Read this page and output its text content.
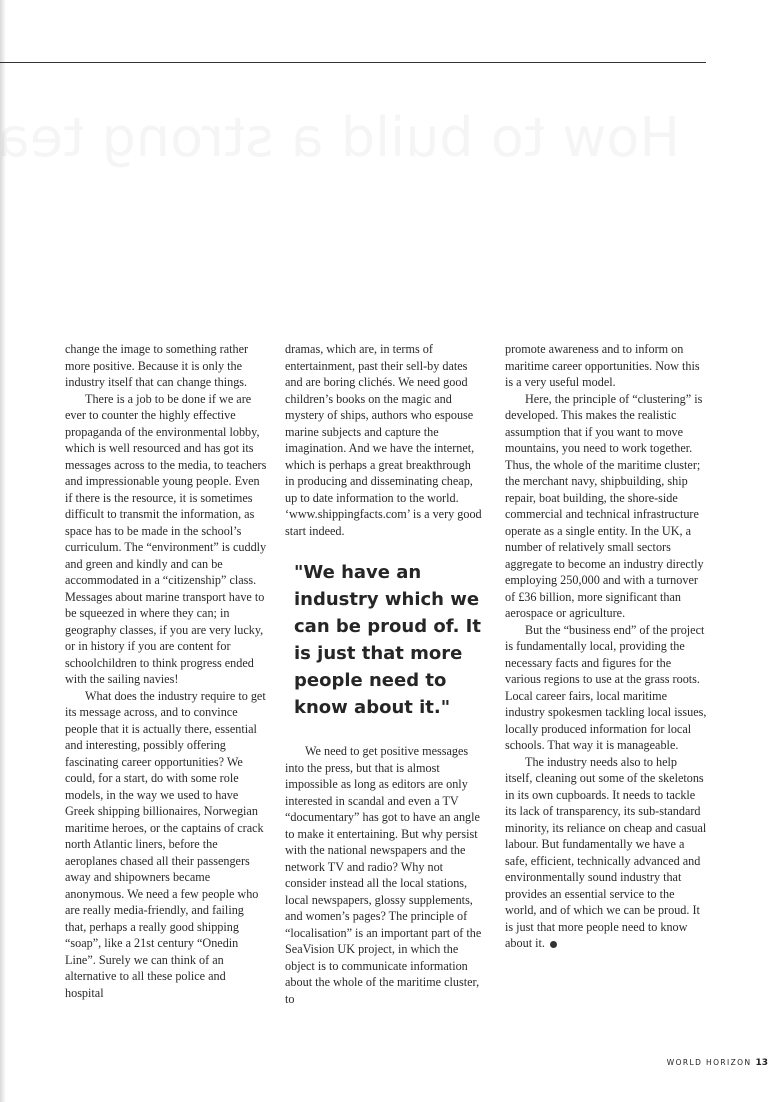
change the image to something rather more positive. Because it is only the industry itself that can change things.

There is a job to be done if we are ever to counter the highly effective propaganda of the environmental lobby, which is well resourced and has got its messages across to the media, to teachers and impressionable young people. Even if there is the resource, it is sometimes difficult to transmit the information, as space has to be made in the school’s curriculum. The “environment” is cuddly and green and kindly and can be accommodated in a “citizenship” class. Messages about marine transport have to be squeezed in where they can; in geography classes, if you are very lucky, or in history if you are content for schoolchildren to think progress ended with the sailing navies!

What does the industry require to get its message across, and to convince people that it is actually there, essential and interesting, possibly offering fascinating career opportunities? We could, for a start, do with some role models, in the way we used to have Greek shipping billionaires, Norwegian maritime heroes, or the captains of crack north Atlantic liners, before the aeroplanes chased all their passengers away and shipowners became anonymous. We need a few people who are really media-friendly, and failing that, perhaps a really good shipping “soap”, like a 21st century “Onedin Line”. Surely we can think of an alternative to all these police and hospital

dramas, which are, in terms of entertainment, past their sell-by dates and are boring clichés. We need good children’s books on the magic and mystery of ships, authors who espouse marine subjects and capture the imagination. And we have the internet, which is perhaps a great breakthrough in producing and disseminating cheap, up to date information to the world. ‘www.shippingfacts.com’ is a very good start indeed.

"We have an industry which we can be proud of. It is just that more people need to know about it."

We need to get positive messages into the press, but that is almost impossible as long as editors are only interested in scandal and even a TV “documentary” has got to have an angle to make it entertaining. But why persist with the national newspapers and the network TV and radio? Why not consider instead all the local stations, local newspapers, glossy supplements, and women’s pages? The principle of “localisation” is an important part of the SeaVision UK project, in which the object is to communicate information about the whole of the maritime cluster, to

promote awareness and to inform on maritime career opportunities. Now this is a very useful model.

Here, the principle of “clustering” is developed. This makes the realistic assumption that if you want to move mountains, you need to work together. Thus, the whole of the maritime cluster; the merchant navy, shipbuilding, ship repair, boat building, the shore-side commercial and technical infrastructure operate as a single entity. In the UK, a number of relatively small sectors aggregate to become an industry directly employing 250,000 and with a turnover of £36 billion, more significant than aerospace or agriculture.

But the “business end” of the project is fundamentally local, providing the necessary facts and figures for the various regions to use at the grass roots. Local career fairs, local maritime industry spokesmen tackling local issues, locally produced information for local schools. That way it is manageable.

The industry needs also to help itself, cleaning out some of the skeletons in its own cupboards. It needs to tackle its lack of transparency, its sub-standard minority, its reliance on cheap and casual labour. But fundamentally we have a safe, efficient, technically advanced and environmentally sound industry that provides an essential service to the world, and of which we can be proud. It is just that more people need to know about it.

WORLD HORIZON 13
